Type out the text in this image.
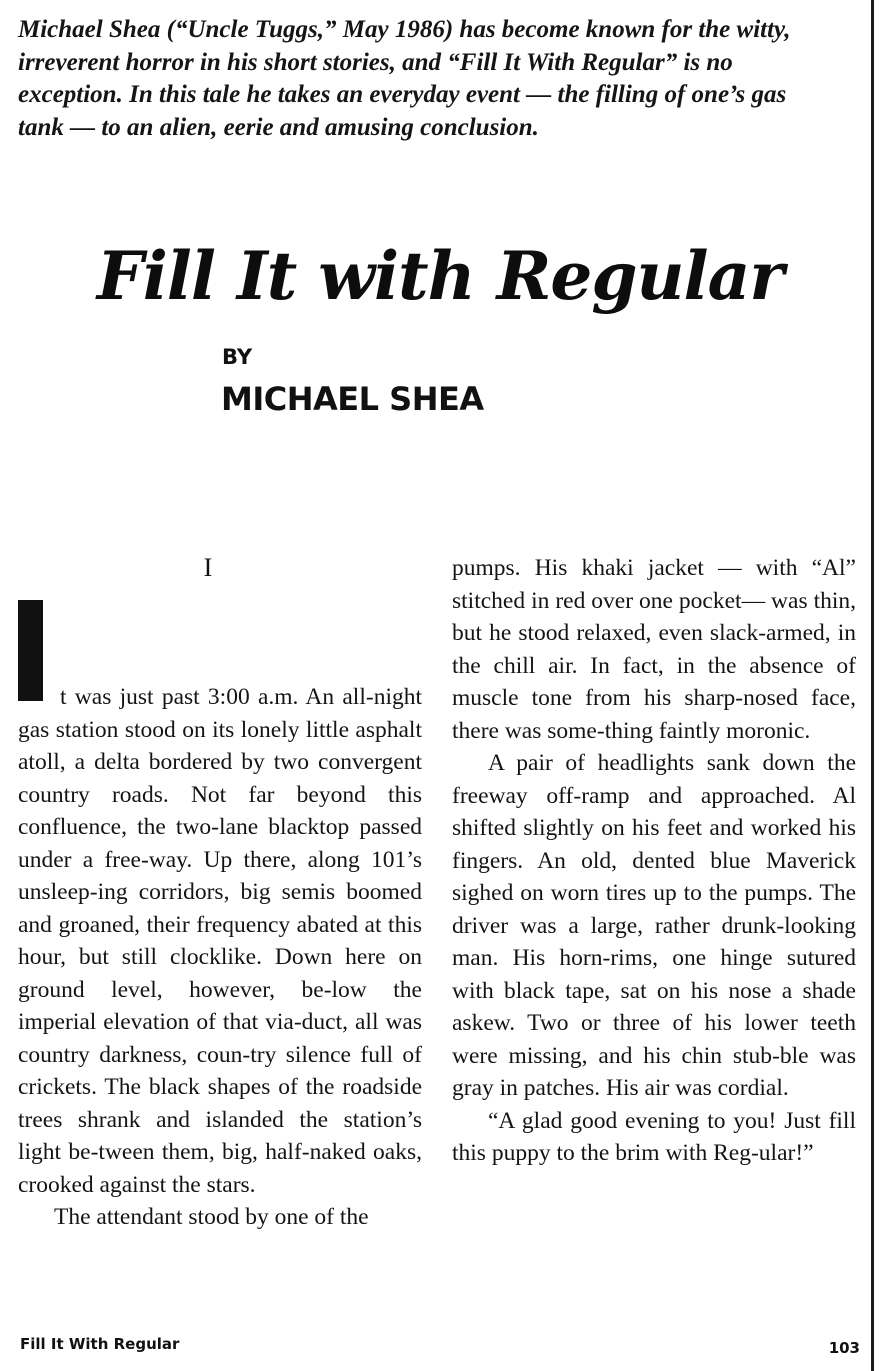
Michael Shea (“Uncle Tuggs,” May 1986) has become known for the witty, irreverent horror in his short stories, and “Fill It With Regular” is no exception. In this tale he takes an everyday event — the filling of one’s gas tank — to an alien, eerie and amusing conclusion.

Fill It with Regular
BY
MICHAEL SHEA
I

t was just past 3:00 a.m. An all-night gas station stood on its lonely little asphalt atoll, a delta bordered by two convergent country roads. Not far beyond this confluence, the two-lane blacktop passed under a free-way. Up there, along 101’s unsleep-ing corridors, big semis boomed and groaned, their frequency abated at this hour, but still clocklike. Down here on ground level, however, be-low the imperial elevation of that via-duct, all was country darkness, coun-try silence full of crickets. The black shapes of the roadside trees shrank and islanded the station’s light be-tween them, big, half-naked oaks, crooked against the stars.

The attendant stood by one of the

pumps. His khaki jacket — with “Al” stitched in red over one pocket— was thin, but he stood relaxed, even slack-armed, in the chill air. In fact, in the absence of muscle tone from his sharp-nosed face, there was some-thing faintly moronic.

A pair of headlights sank down the freeway off-ramp and approached. Al shifted slightly on his feet and worked his fingers. An old, dented blue Maverick sighed on worn tires up to the pumps. The driver was a large, rather drunk-looking man. His horn-rims, one hinge sutured with black tape, sat on his nose a shade askew. Two or three of his lower teeth were missing, and his chin stub-ble was gray in patches. His air was cordial.

“A glad good evening to you! Just fill this puppy to the brim with Reg-ular!”

Fill It With Regular	103
